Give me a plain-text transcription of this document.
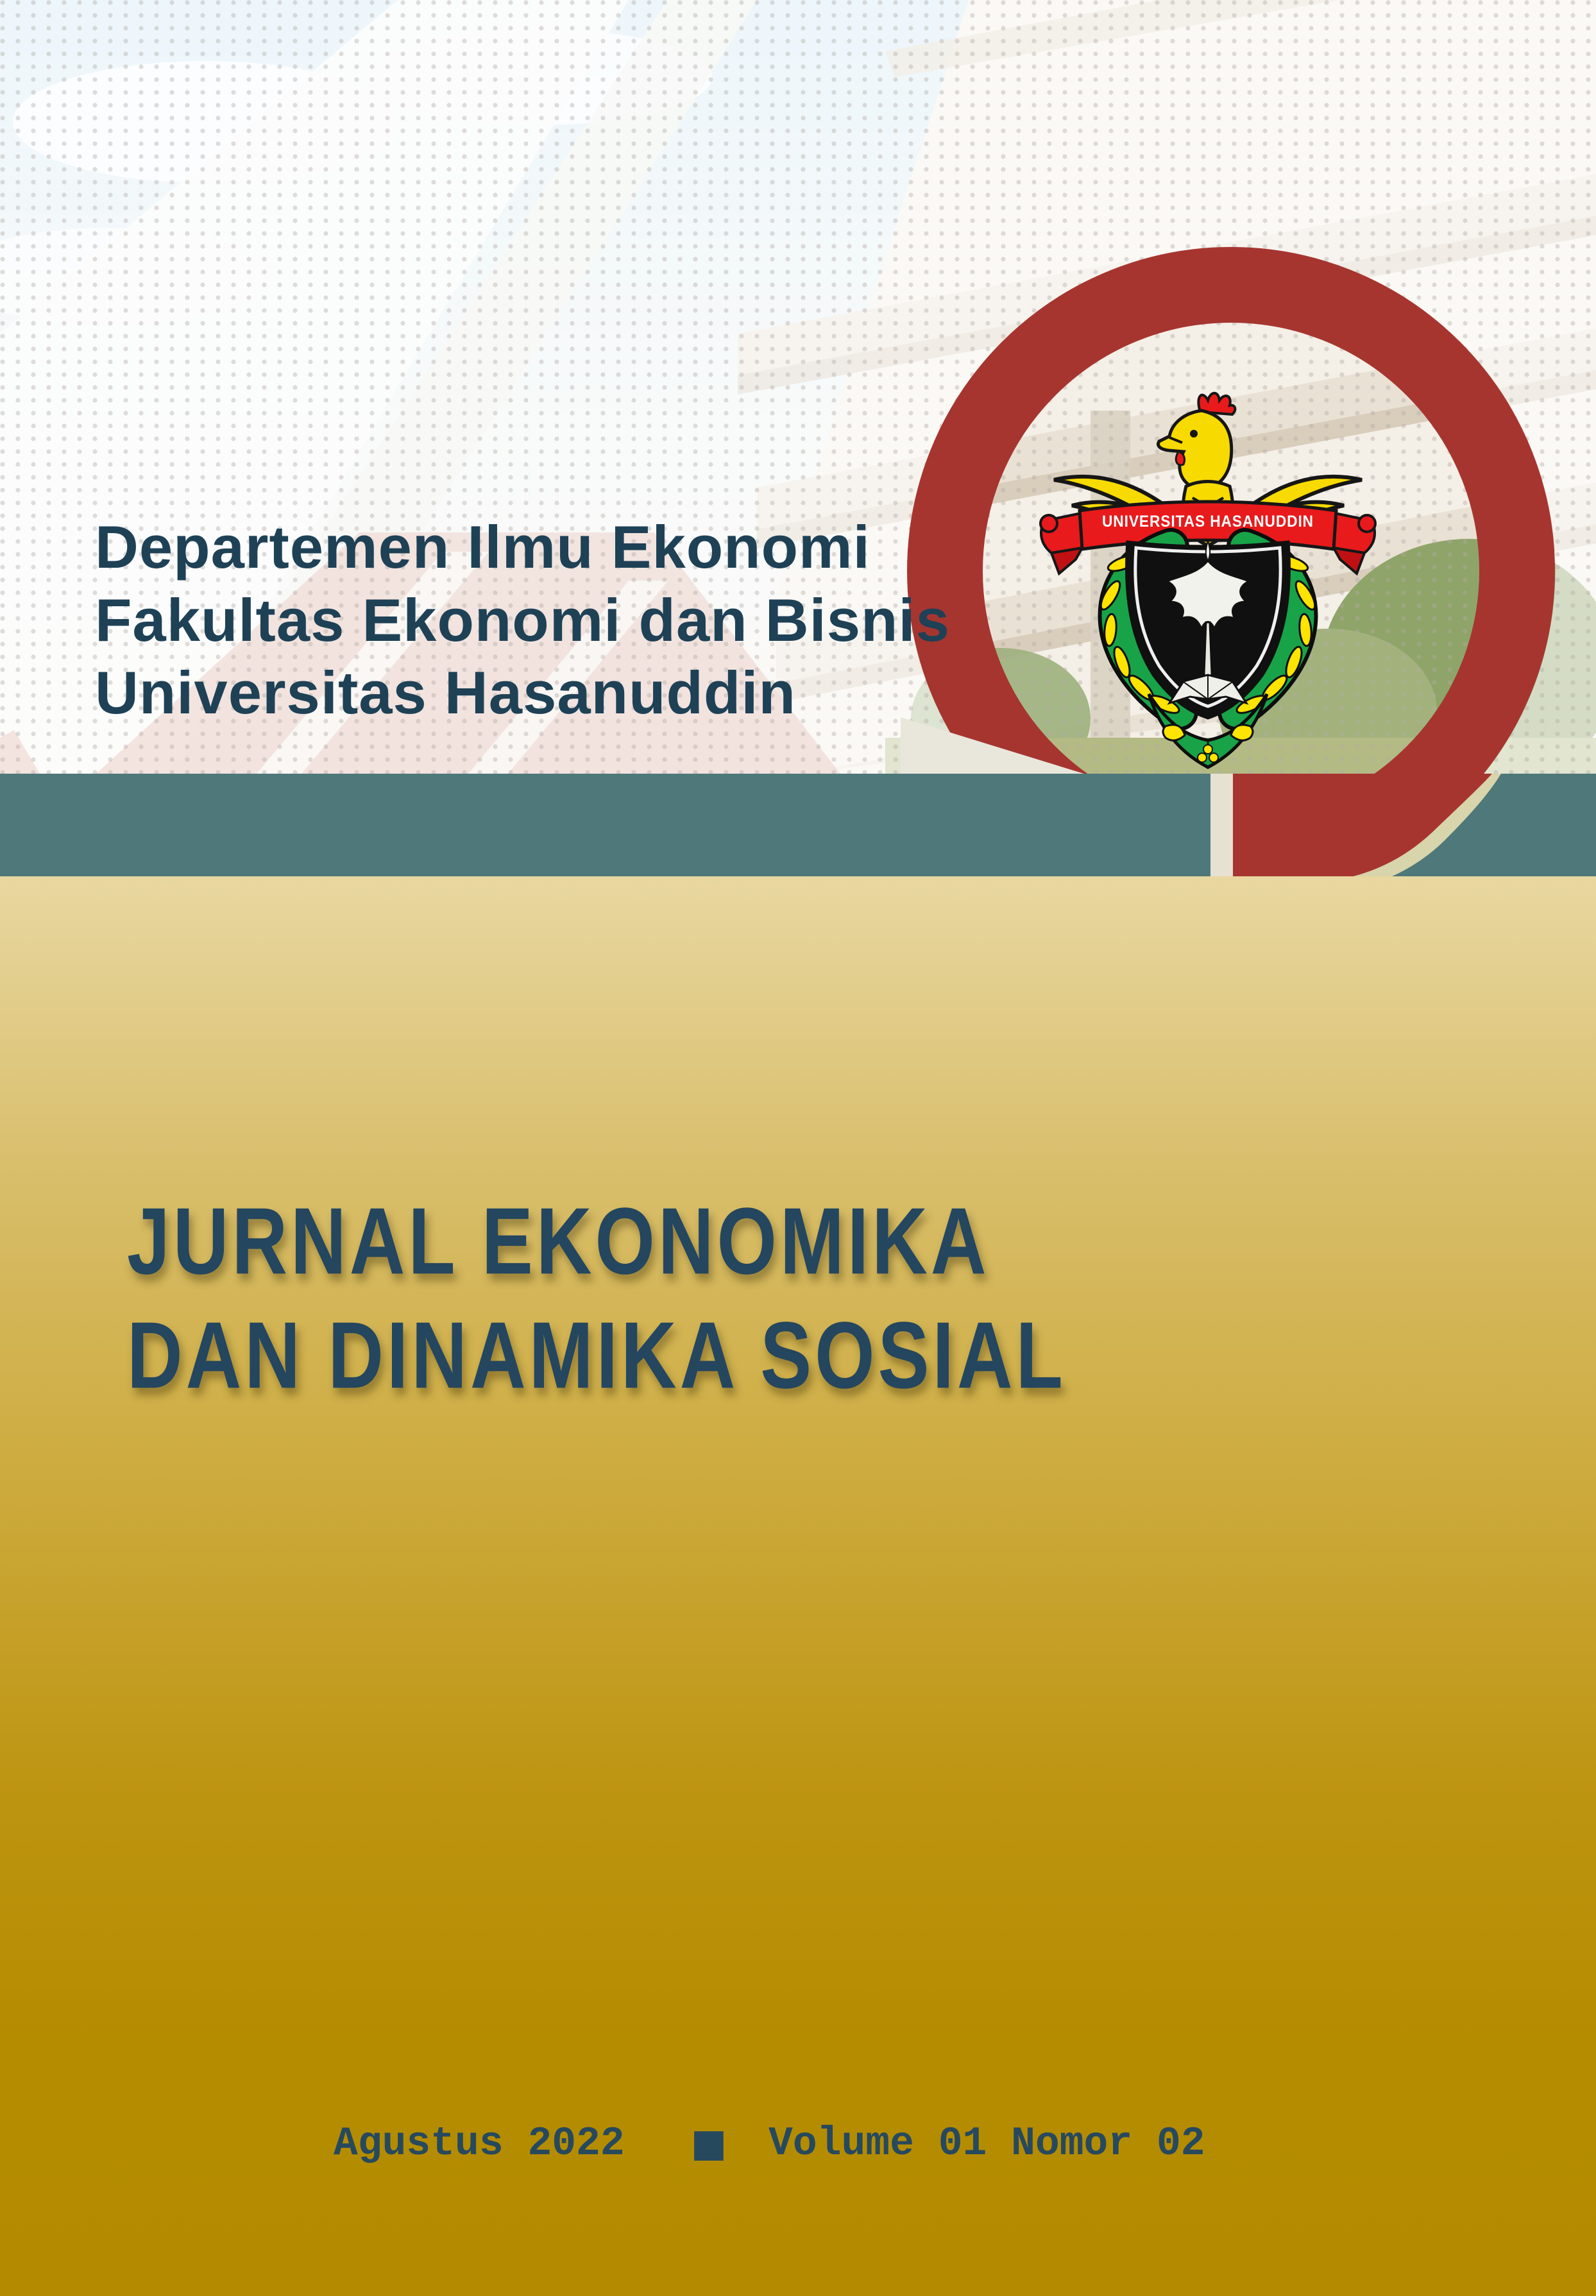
UNIVERSITAS HASANUDDIN
Departemen Ilmu Ekonomi
Fakultas Ekonomi dan Bisnis
Universitas Hasanuddin
JURNAL EKONOMIKA
DAN DINAMIKA SOSIAL
Agustus 2022 ▪ Volume 01 Nomor 02
